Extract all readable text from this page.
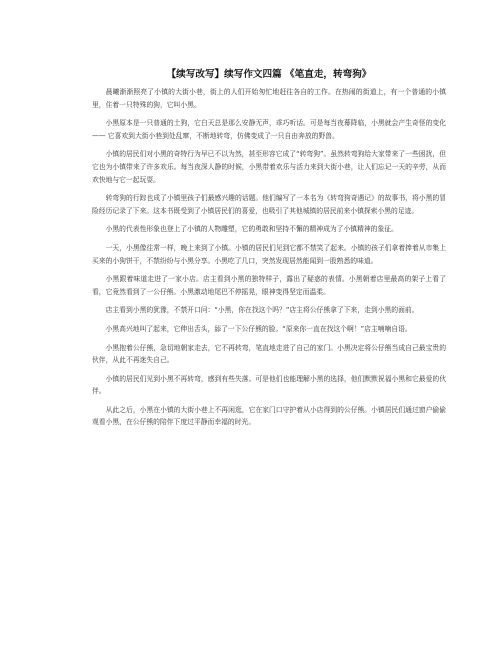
【续写改写】续写作文四篇 《笔直走，转弯狗》

晨曦渐渐照亮了小镇的大街小巷，街上的人们开始匆忙地赶往各自的工作。在热闹的街道上，有一个普通的小镇里，住着一只特殊的狗，它叫小黑。

小黑原本是一只普通的土狗，它白天总是那么安静无声，乖巧听话。可是每当夜幕降临，小黑就会产生奇怪的变化 —— 它喜欢到大街小巷到处乱窜，不断地转弯，仿佛变成了一只自由奔放的野兽。

小镇的居民们对小黑的奇特行为早已不以为然，甚至形容它成了“转弯狗”。虽然转弯狗给大家带来了一些困扰，但它也为小镇带来了许多欢乐。每当夜深人静的时候，小黑带着欢乐与活力来到大街小巷，让人们忘记一天的辛劳，从而欢快地与它一起玩耍。

转弯狗的行踪也成了小镇里孩子们最感兴趣的话题。他们编写了一本名为《转弯狗奇遇记》的故事书，将小黑的冒险经历记录了下来。这本书既受到了小镇居民们的喜爱，也吸引了其他城镇的居民前来小镇探索小黑的足迹。

小黑的代表性形象也登上了小镇的人物雕塑，它的勇敢和坚持不懈的精神成为了小镇精神的象征。

一天，小黑像往常一样，晚上来到了小镇。小镇的居民们见到它都不禁笑了起来。小镇的孩子们拿着捧着从市集上买来的小狗饼干，不禁纷纷与小黑分享。小黑吃了几口，突然发现居然能闻到一股熟悉的味道。

小黑跟着味道走进了一家小店。店主看到小黑的独特样子，露出了疑惑的表情。小黑朝着店里最高的架子上看了看，它竟然看到了一公仔熊。小黑激动地尾巴不停摇晃，眼神变得坚定而温柔。

店主看到小黑的犹豫，不禁开口问：“小黑，你在找这个吗？”店主将公仔熊拿了下来，走到小黑的面前。

小黑高兴地叫了起来，它伸出舌头，舔了一下公仔熊的脸。“原来你一直在找这个啊！”店主喃喃自语。

小黑抱着公仔熊，急切地朝家走去，它不再转弯，笔直地走进了自己的家门。小黑决定将公仔熊当成自己最宝贵的伙伴，从此不再迷失自己。

小镇的居民们见到小黑不再转弯，感到有些失落。可是他们也能理解小黑的选择，他们默默祝福小黑和它最爱的伙伴。

从此之后，小黑在小镇的大街小巷上不再闲逛，它在家门口守护着从小店得到的公仔熊。小镇居民们通过窗户偷偷观看小黑，在公仔熊的陪伴下度过平静而幸福的时光。
